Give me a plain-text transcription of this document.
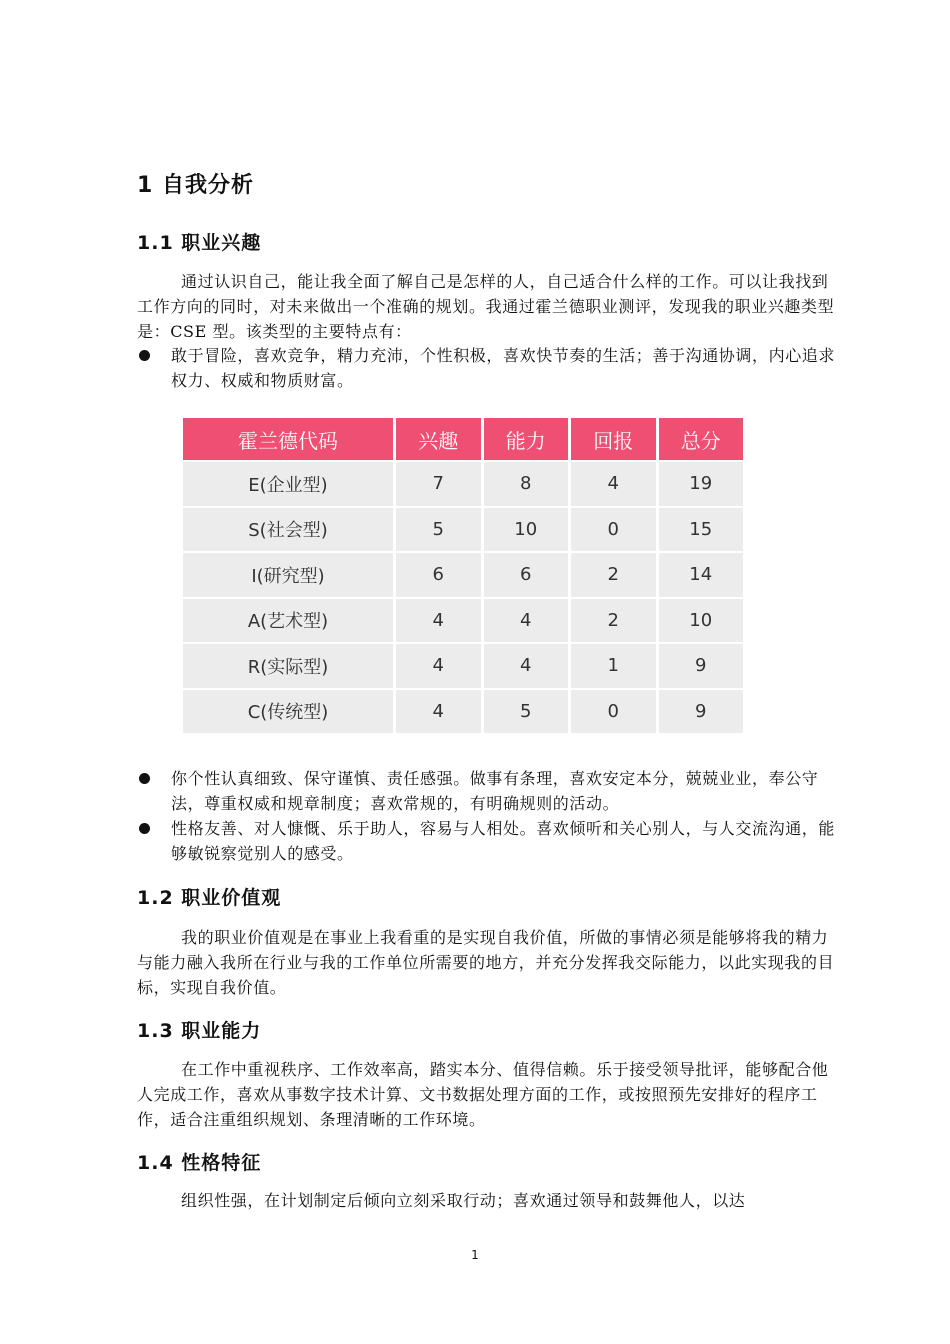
1 自我分析
1.1 职业兴趣

通过认识自己，能让我全面了解自己是怎样的人，自己适合什么样的工作。可以让我找到工作方向的同时，对未来做出一个准确的规划。我通过霍兰德职业测评，发现我的职业兴趣类型是：CSE 型。该类型的主要特点有：

敢于冒险，喜欢竞争，精力充沛，个性积极，喜欢快节奏的生活；善于沟通协调，内心追求权力、权威和物质财富。

霍兰德代码	兴趣	能力	回报	总分
E(企业型)	7	8	4	19
S(社会型)	5	10	0	15
I(研究型)	6	6	2	14
A(艺术型)	4	4	2	10
R(实际型)	4	4	1	9
C(传统型)	4	5	0	9

你个性认真细致、保守谨慎、责任感强。做事有条理，喜欢安定本分，兢兢业业，奉公守法，尊重权威和规章制度；喜欢常规的，有明确规则的活动。

性格友善、对人慷慨、乐于助人，容易与人相处。喜欢倾听和关心别人，与人交流沟通，能够敏锐察觉别人的感受。

1.2 职业价值观

我的职业价值观是在事业上我看重的是实现自我价值，所做的事情必须是能够将我的精力与能力融入我所在行业与我的工作单位所需要的地方，并充分发挥我交际能力，以此实现我的目标，实现自我价值。

1.3 职业能力

在工作中重视秩序、工作效率高，踏实本分、值得信赖。乐于接受领导批评，能够配合他人完成工作，喜欢从事数字技术计算、文书数据处理方面的工作，或按照预先安排好的程序工作，适合注重组织规划、条理清晰的工作环境。

1.4 性格特征

组织性强，在计划制定后倾向立刻采取行动；喜欢通过领导和鼓舞他人，以达

1
